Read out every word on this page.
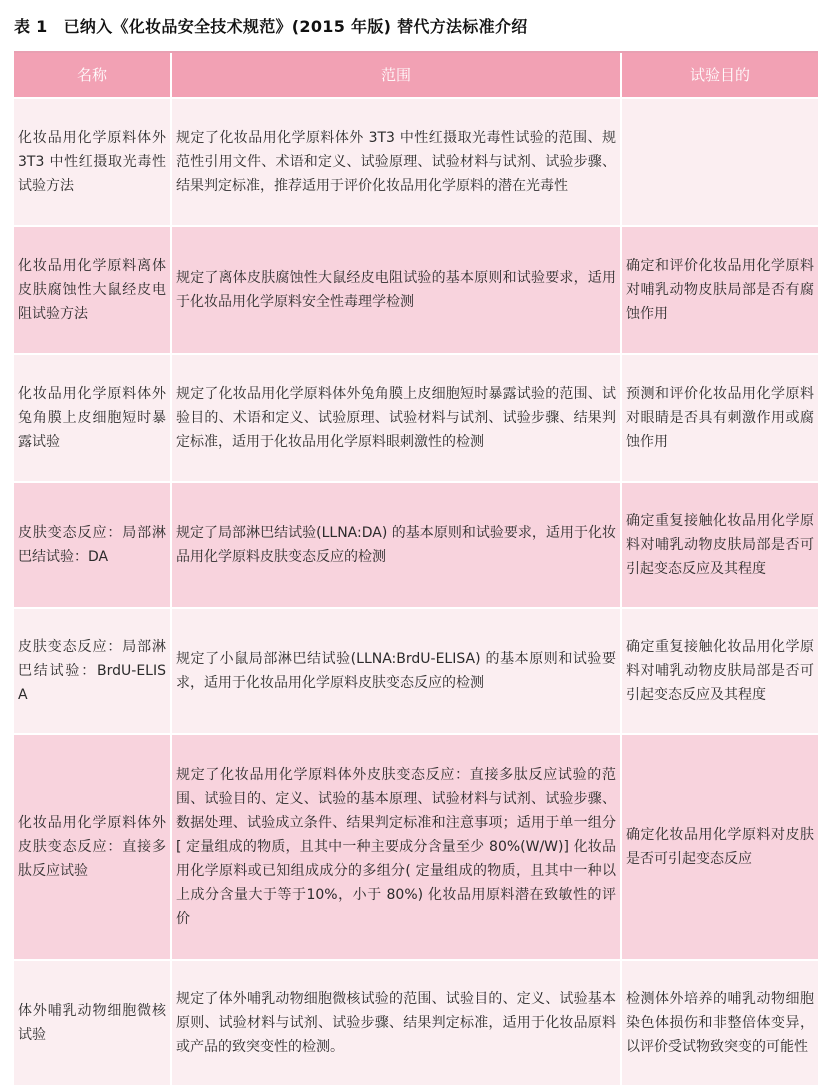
表 1 已纳入《化妆品安全技术规范》(2015 年版) 替代方法标准介绍
名称	范围	试验目的
化妆品用化学原料体外 3T3 中性红摄取光毒性试验方法
规定了化妆品用化学原料体外 3T3 中性红摄取光毒性试验的范围、规范性引用文件、术语和定义、试验原理、试验材料与试剂、试验步骤、结果判定标准，推荐适用于评价化妆品用化学原料的潜在光毒性
化妆品用化学原料离体皮肤腐蚀性大鼠经皮电阻试验方法
规定了离体皮肤腐蚀性大鼠经皮电阻试验的基本原则和试验要求，适用于化妆品用化学原料安全性毒理学检测
确定和评价化妆品用化学原料对哺乳动物皮肤局部是否有腐蚀作用
化妆品用化学原料体外兔角膜上皮细胞短时暴露试验
规定了化妆品用化学原料体外兔角膜上皮细胞短时暴露试验的范围、试验目的、术语和定义、试验原理、试验材料与试剂、试验步骤、结果判定标准，适用于化妆品用化学原料眼刺激性的检测
预测和评价化妆品用化学原料对眼睛是否具有刺激作用或腐蚀作用
皮肤变态反应：局部淋巴结试验：DA
规定了局部淋巴结试验(LLNA:DA) 的基本原则和试验要求，适用于化妆品用化学原料皮肤变态反应的检测
确定重复接触化妆品用化学原料对哺乳动物皮肤局部是否可引起变态反应及其程度
皮肤变态反应：局部淋巴结试验：BrdU-ELISA
规定了小鼠局部淋巴结试验(LLNA:BrdU-ELISA) 的基本原则和试验要求，适用于化妆品用化学原料皮肤变态反应的检测
确定重复接触化妆品用化学原料对哺乳动物皮肤局部是否可引起变态反应及其程度
化妆品用化学原料体外皮肤变态反应：直接多肽反应试验
规定了化妆品用化学原料体外皮肤变态反应：直接多肽反应试验的范围、试验目的、定义、试验的基本原理、试验材料与试剂、试验步骤、数据处理、试验成立条件、结果判定标准和注意事项；适用于单一组分 [ 定量组成的物质，且其中一种主要成分含量至少 80%(W/W)] 化妆品用化学原料或已知组成成分的多组分( 定量组成的物质，且其中一种以上成分含量大于等于10%，小于 80%) 化妆品用原料潜在致敏性的评价
确定化妆品用化学原料对皮肤是否可引起变态反应
体外哺乳动物细胞微核试验
规定了体外哺乳动物细胞微核试验的范围、试验目的、定义、试验基本原则、试验材料与试剂、试验步骤、结果判定标准，适用于化妆品原料或产品的致突变性的检测。
检测体外培养的哺乳动物细胞染色体损伤和非整倍体变异，以评价受试物致突变的可能性
